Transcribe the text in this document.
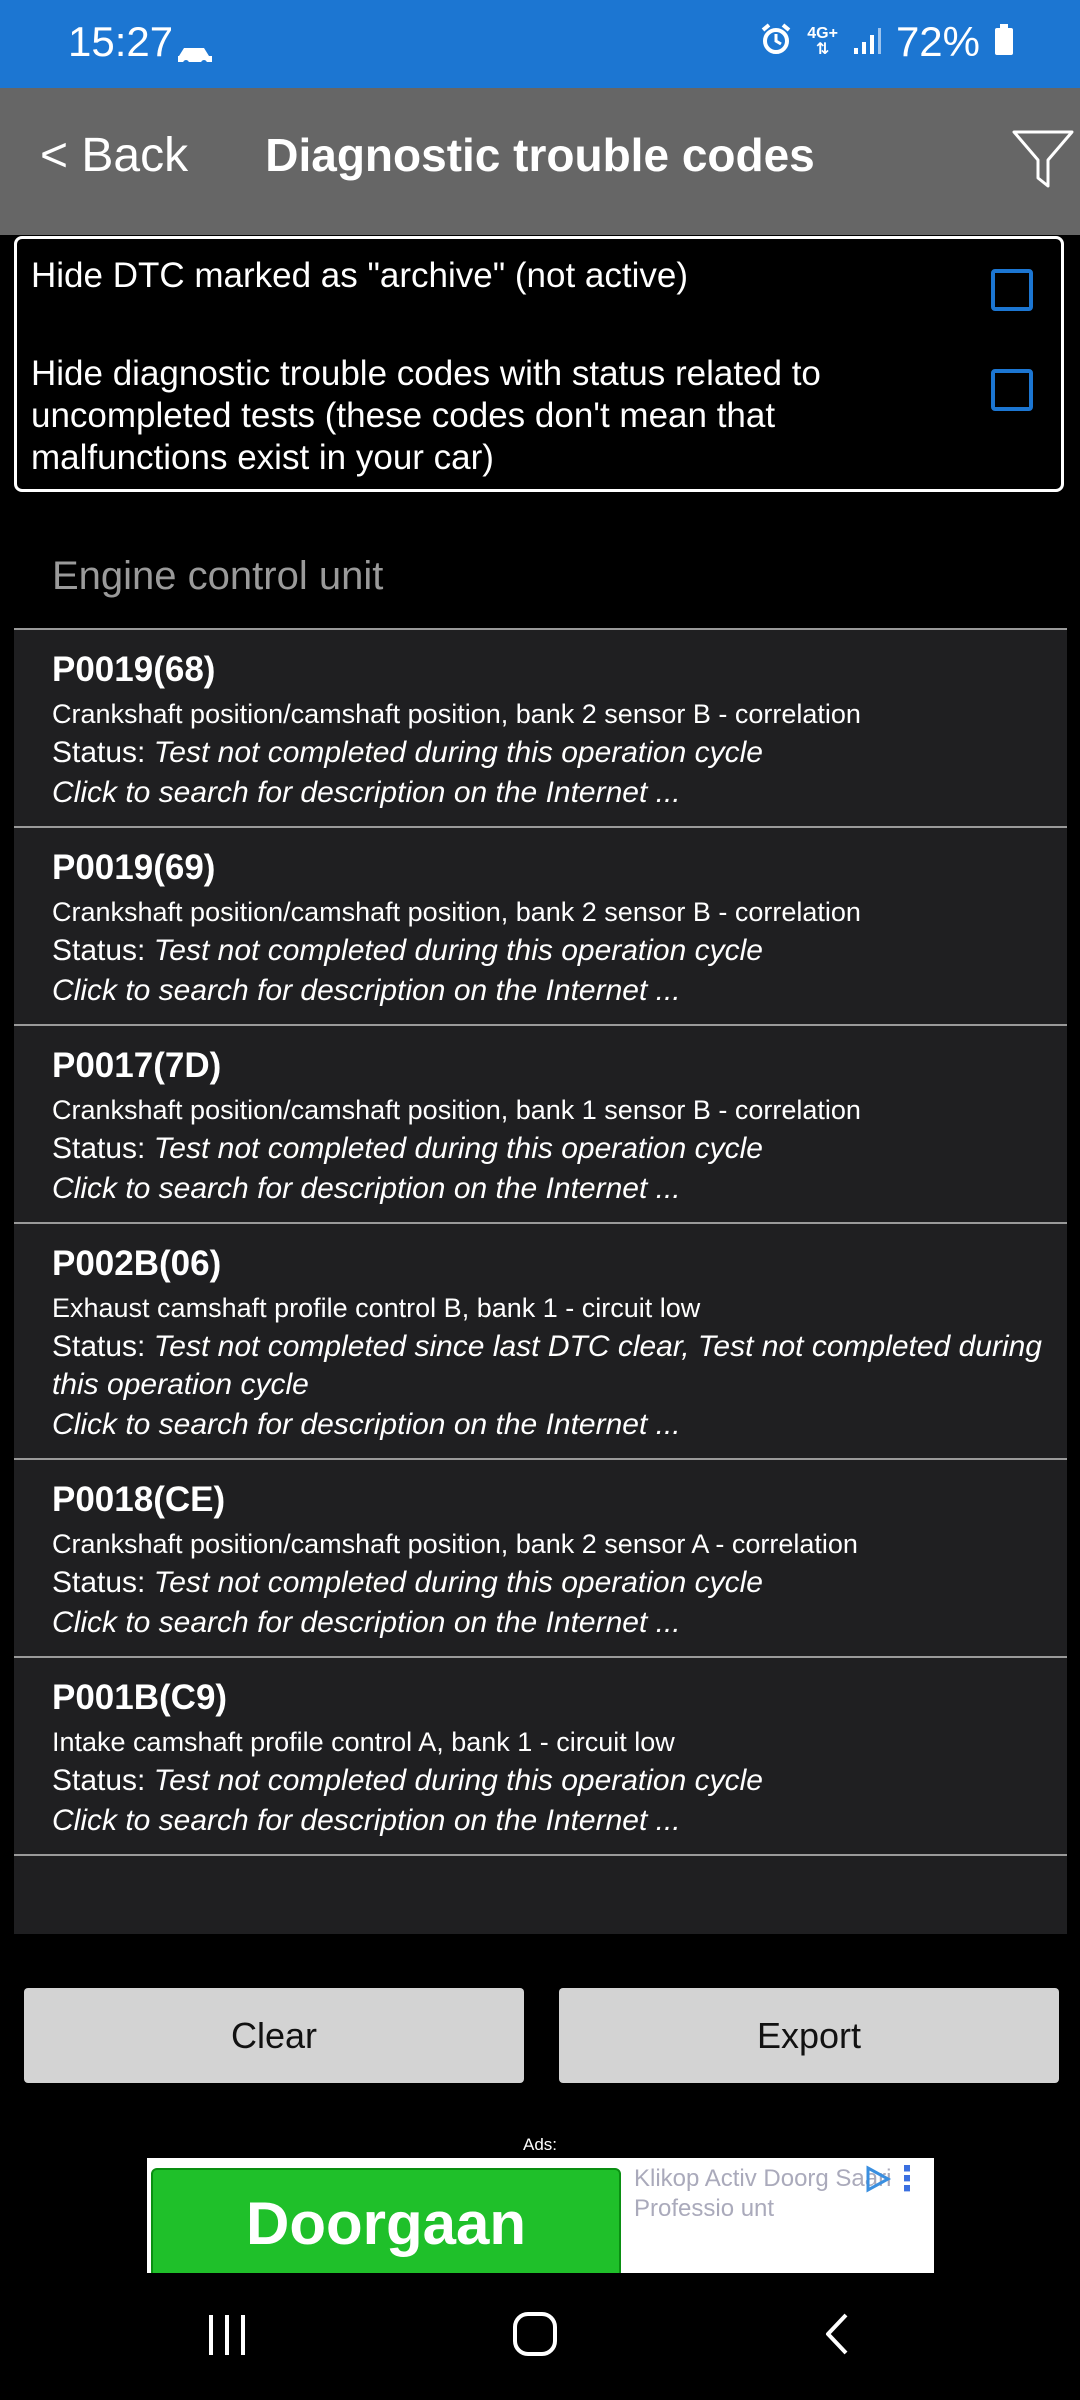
15:27	4G+
⇅ 72%
< Back	Diagnostic trouble codes
Hide DTC marked as "archive" (not active)
Hide diagnostic trouble codes with status related to uncompleted tests (these codes don't mean that malfunctions exist in your car)
Engine control unit
P0019(68)
Crankshaft position/camshaft position, bank 2 sensor B - correlation
Status: Test not completed during this operation cycle
Click to search for description on the Internet ...
P0019(69)
Crankshaft position/camshaft position, bank 2 sensor B - correlation
Status: Test not completed during this operation cycle
Click to search for description on the Internet ...
P0017(7D)
Crankshaft position/camshaft position, bank 1 sensor B - correlation
Status: Test not completed during this operation cycle
Click to search for description on the Internet ...
P002B(06)
Exhaust camshaft profile control B, bank 1 - circuit low
Status: Test not completed since last DTC clear, Test not completed during this operation cycle
Click to search for description on the Internet ...
P0018(CE)
Crankshaft position/camshaft position, bank 2 sensor A - correlation
Status: Test not completed during this operation cycle
Click to search for description on the Internet ...
P001B(C9)
Intake camshaft profile control A, bank 1 - circuit low
Status: Test not completed during this operation cycle
Click to search for description on the Internet ...
Clear	Export
Ads:
Doorgaan
Klikop Activ Doorg Saari Professio unt
⋮
